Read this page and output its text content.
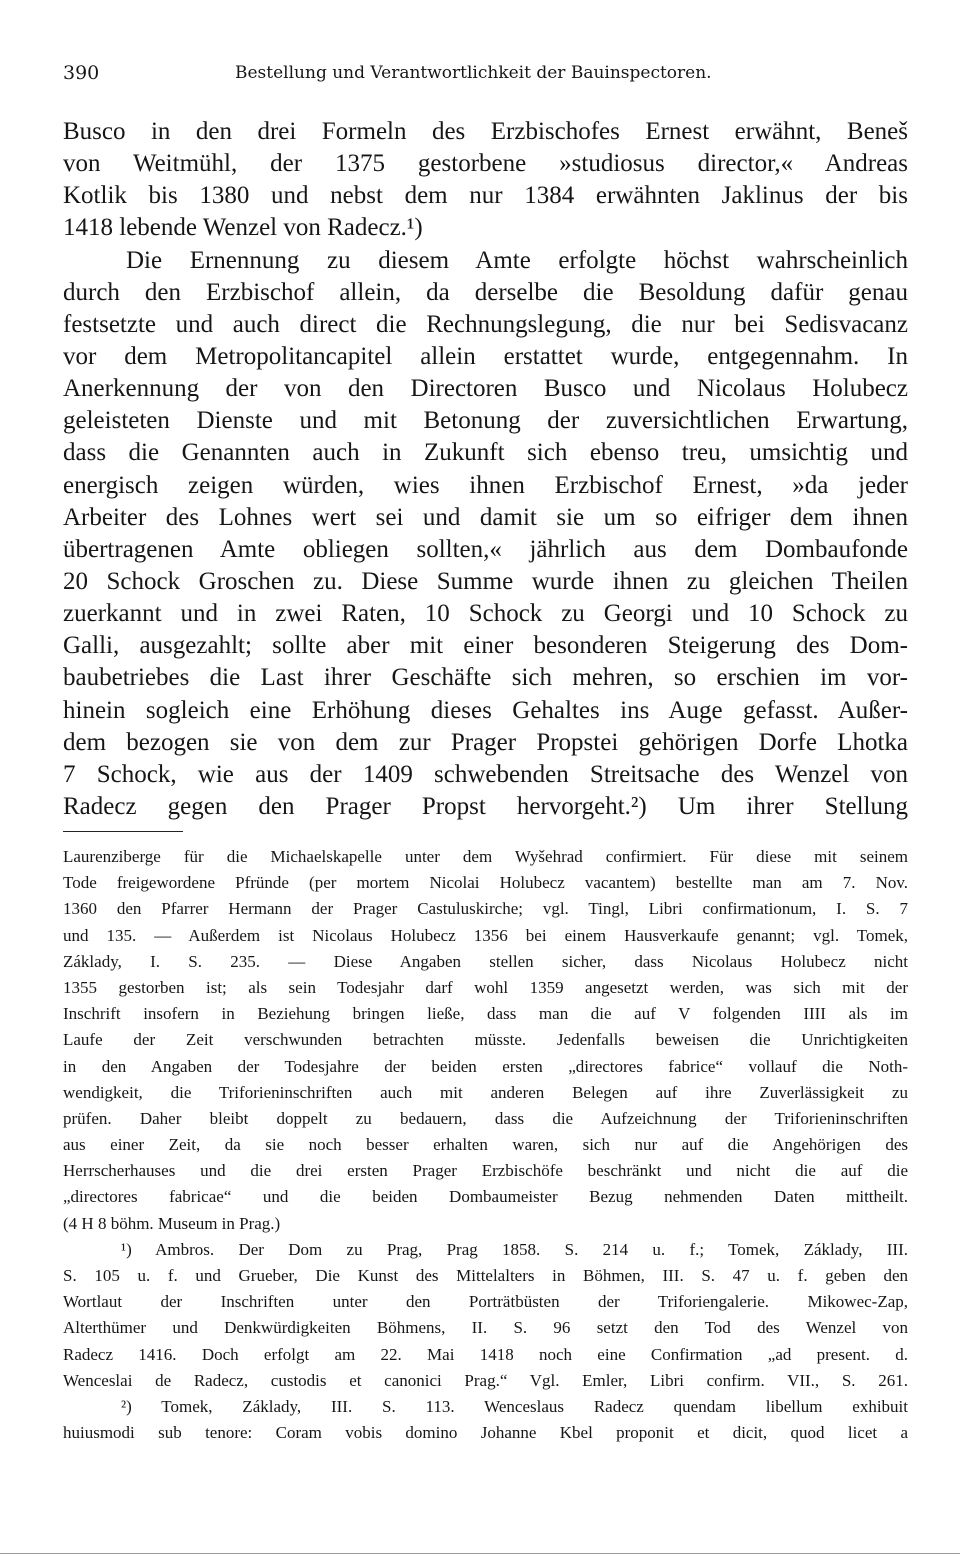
390	Bestellung und Verantwortlichkeit der Bauinspectoren.
Busco in den drei Formeln des Erzbischofes Ernest erwähnt, Beneš
von Weitmühl, der 1375 gestorbene »studiosus director,« Andreas
Kotlik bis 1380 und nebst dem nur 1384 erwähnten Jaklinus der bis
1418 lebende Wenzel von Radecz.¹)
Die Ernennung zu diesem Amte erfolgte höchst wahrscheinlich
durch den Erzbischof allein, da derselbe die Besoldung dafür genau
festsetzte und auch direct die Rechnungslegung, die nur bei Sedisvacanz
vor dem Metropolitancapitel allein erstattet wurde, entgegennahm. In
Anerkennung der von den Directoren Busco und Nicolaus Holubecz
geleisteten Dienste und mit Betonung der zuversichtlichen Erwartung,
dass die Genannten auch in Zukunft sich ebenso treu, umsichtig und
energisch zeigen würden, wies ihnen Erzbischof Ernest, »da jeder
Arbeiter des Lohnes wert sei und damit sie um so eifriger dem ihnen
übertragenen Amte obliegen sollten,« jährlich aus dem Dombaufonde
20 Schock Groschen zu. Diese Summe wurde ihnen zu gleichen Theilen
zuerkannt und in zwei Raten, 10 Schock zu Georgi und 10 Schock zu
Galli, ausgezahlt; sollte aber mit einer besonderen Steigerung des Dom-
baubetriebes die Last ihrer Geschäfte sich mehren, so erschien im vor-
hinein sogleich eine Erhöhung dieses Gehaltes ins Auge gefasst. Außer-
dem bezogen sie von dem zur Prager Propstei gehörigen Dorfe Lhotka
7 Schock, wie aus der 1409 schwebenden Streitsache des Wenzel von
Radecz gegen den Prager Propst hervorgeht.²) Um ihrer Stellung
Laurenziberge für die Michaelskapelle unter dem Wyšehrad confirmiert. Für diese mit seinem
Tode freigewordene Pfründe (per mortem Nicolai Holubecz vacantem) bestellte man am 7. Nov.
1360 den Pfarrer Hermann der Prager Castuluskirche; vgl. Tingl, Libri confirmationum, I. S. 7
und 135. — Außerdem ist Nicolaus Holubecz 1356 bei einem Hausverkaufe genannt; vgl. Tomek,
Základy, I. S. 235. — Diese Angaben stellen sicher, dass Nicolaus Holubecz nicht
1355 gestorben ist; als sein Todesjahr darf wohl 1359 angesetzt werden, was sich mit der
Inschrift insofern in Beziehung bringen ließe, dass man die auf V folgenden IIII als im
Laufe der Zeit verschwunden betrachten müsste. Jedenfalls beweisen die Unrichtigkeiten
in den Angaben der Todesjahre der beiden ersten „directores fabrice“ vollauf die Noth-
wendigkeit, die Triforieninschriften auch mit anderen Belegen auf ihre Zuverlässigkeit zu
prüfen. Daher bleibt doppelt zu bedauern, dass die Aufzeichnung der Triforieninschriften
aus einer Zeit, da sie noch besser erhalten waren, sich nur auf die Angehörigen des
Herrscherhauses und die drei ersten Prager Erzbischöfe beschränkt und nicht die auf die
„directores fabricae“ und die beiden Dombaumeister Bezug nehmenden Daten mittheilt.
(4 H 8 böhm. Museum in Prag.)
¹) Ambros. Der Dom zu Prag, Prag 1858. S. 214 u. f.; Tomek, Základy, III.
S. 105 u. f. und Grueber, Die Kunst des Mittelalters in Böhmen, III. S. 47 u. f. geben den
Wortlaut der Inschriften unter den Porträtbüsten der Triforiengalerie. Mikowec-Zap,
Alterthümer und Denkwürdigkeiten Böhmens, II. S. 96 setzt den Tod des Wenzel von
Radecz 1416. Doch erfolgt am 22. Mai 1418 noch eine Confirmation „ad present. d.
Wenceslai de Radecz, custodis et canonici Prag.“ Vgl. Emler, Libri confirm. VII., S. 261.
²) Tomek, Základy, III. S. 113. Wenceslaus Radecz quendam libellum exhibuit
huiusmodi sub tenore: Coram vobis domino Johanne Kbel proponit et dicit, quod licet a
